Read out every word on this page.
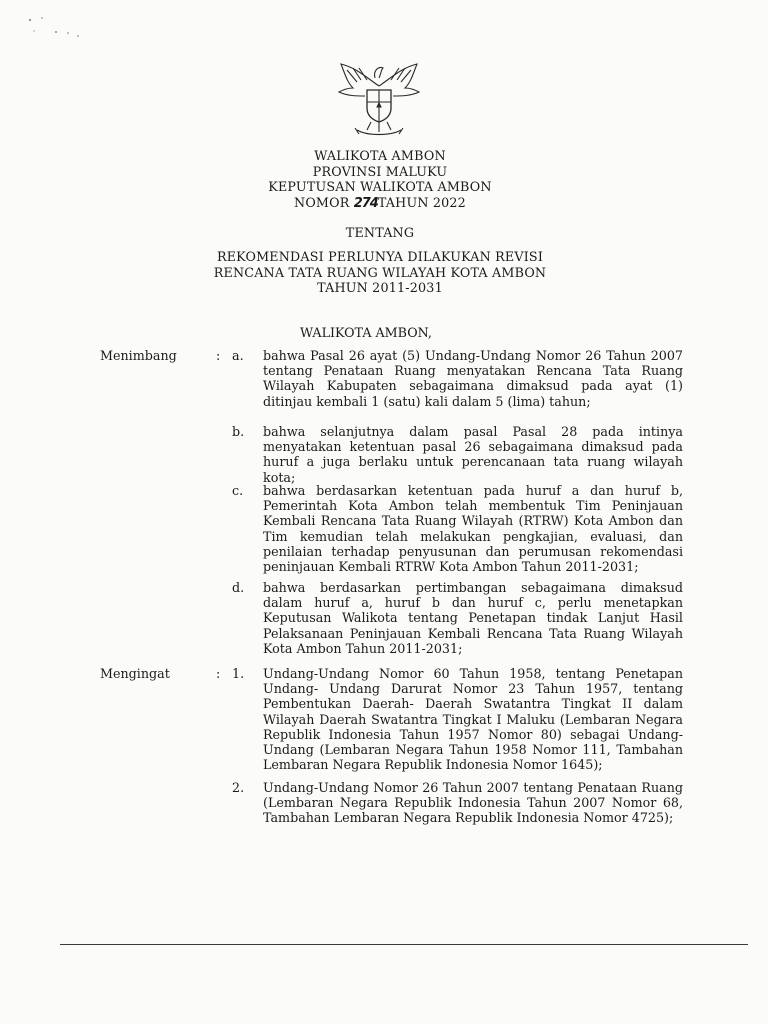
WALIKOTA AMBON
PROVINSI MALUKU
KEPUTUSAN WALIKOTA AMBON
NOMOR 274TAHUN 2022
TENTANG
REKOMENDASI PERLUNYA DILAKUKAN REVISI
RENCANA TATA RUANG WILAYAH KOTA AMBON
TAHUN 2011-2031
WALIKOTA AMBON,
Menimbang	: a. bahwa Pasal 26 ayat (5) Undang-Undang Nomor 26 Tahun 2007 tentang Penataan Ruang menyatakan Rencana Tata Ruang Wilayah Kabupaten sebagaimana dimaksud pada ayat (1) ditinjau kembali 1 (satu) kali dalam 5 (lima) tahun;
b. bahwa selanjutnya dalam pasal Pasal 28 pada intinya menyatakan ketentuan pasal 26 sebagaimana dimaksud pada huruf a juga berlaku untuk perencanaan tata ruang wilayah kota;
c. bahwa berdasarkan ketentuan pada huruf a dan huruf b, Pemerintah Kota Ambon telah membentuk Tim Peninjauan Kembali Rencana Tata Ruang Wilayah (RTRW) Kota Ambon dan Tim kemudian telah melakukan pengkajian, evaluasi, dan penilaian terhadap penyusunan dan perumusan rekomendasi peninjauan Kembali RTRW Kota Ambon Tahun 2011-2031;
d. bahwa berdasarkan pertimbangan sebagaimana dimaksud dalam huruf a, huruf b dan huruf c, perlu menetapkan Keputusan Walikota tentang Penetapan tindak Lanjut Hasil Pelaksanaan Peninjauan Kembali Rencana Tata Ruang Wilayah Kota Ambon Tahun 2011-2031;
Mengingat	: 1. Undang-Undang Nomor 60 Tahun 1958, tentang Penetapan Undang- Undang Darurat Nomor 23 Tahun 1957, tentang Pembentukan Daerah- Daerah Swatantra Tingkat II dalam Wilayah Daerah Swatantra Tingkat I Maluku (Lembaran Negara Republik Indonesia Tahun 1957 Nomor 80) sebagai Undang-Undang (Lembaran Negara Tahun 1958 Nomor 111, Tambahan Lembaran Negara Republik Indonesia Nomor 1645);
2. Undang-Undang Nomor 26 Tahun 2007 tentang Penataan Ruang (Lembaran Negara Republik Indonesia Tahun 2007 Nomor 68, Tambahan Lembaran Negara Republik Indonesia Nomor 4725);
